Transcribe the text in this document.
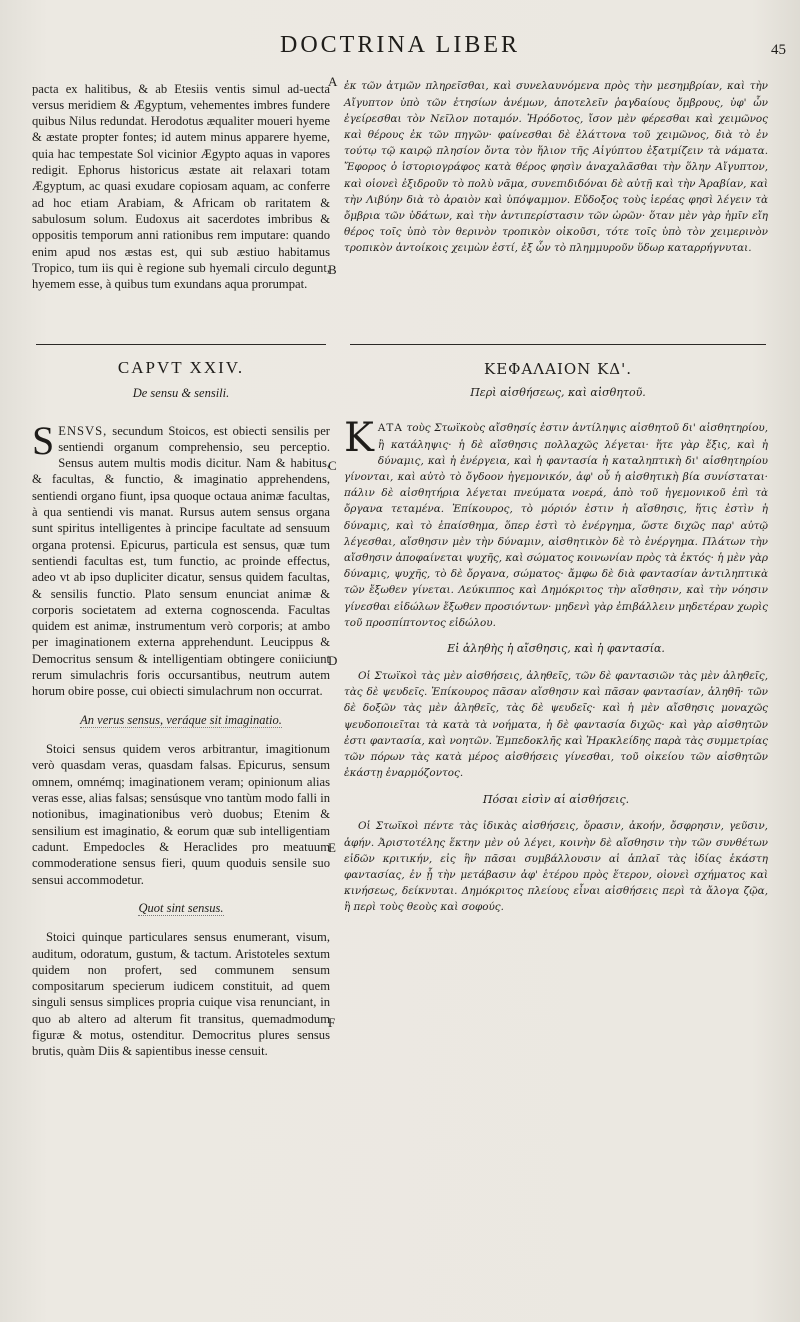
DOCTRINA LIBER	45
A
B
C
D
E
F

pacta ex halitibus, & ab Etesiis ventis simul ad-uecta versus meridiem & Ægyptum, vehementes imbres fundere quibus Nilus redundat. Herodotus æqualiter moueri hyeme & æstate propter fontes; id autem minus apparere hyeme, quia hac tempestate Sol vicinior Ægypto aquas in vapores redigit. Ephorus historicus æstate ait relaxari totam Ægyptum, ac quasi exudare copiosam aquam, ac conferre ad hoc etiam Arabiam, & Africam ob raritatem & sabulosum solum. Eudoxus ait sacerdotes imbribus & oppositis temporum anni rationibus rem imputare: quando enim apud nos æstas est, qui sub æstiuo habitamus Tropico, tum iis qui è regione sub hyemali circulo degunt, hyemem esse, à quibus tum exundans aqua prorumpat.

ἐκ τῶν ἀτμῶν πληρεῖσθαι, καὶ συνελαυνόμενα πρὸς τὴν μεσημβρίαν, καὶ τὴν Αἴγυπτον ὑπὸ τῶν ἐτησίων ἀνέμων, ἀποτελεῖν ῥαγδαίους ὄμβρους, ὑφ' ὧν ἐγείρεσθαι τὸν Νεῖλον ποταμόν. Ἡρόδοτος, ἴσον μὲν φέρεσθαι καὶ χειμῶνος καὶ θέρους ἐκ τῶν πηγῶν· φαίνεσθαι δὲ ἐλάττονα τοῦ χειμῶνος, διὰ τὸ ἐν τούτῳ τῷ καιρῷ πλησίον ὄντα τὸν ἥλιον τῆς Αἰγύπτου ἐξατμίζειν τὰ νάματα. Ἔφορος ὁ ἱστοριογράφος κατὰ θέρος φησὶν ἀναχαλᾶσθαι τὴν ὅλην Αἴγυπτον, καὶ οἱονεὶ ἐξιδροῦν τὸ πολὺ νᾶμα, συνεπιδιδόναι δὲ αὐτῇ καὶ τὴν Ἀραβίαν, καὶ τὴν Λιβύην διὰ τὸ ἀραιὸν καὶ ὑπόψαμμον. Εὔδοξος τοὺς ἱερέας φησὶ λέγειν τὰ ὄμβρια τῶν ὑδάτων, καὶ τὴν ἀντιπερίστασιν τῶν ὡρῶν· ὅταν μὲν γὰρ ἡμῖν εἴη θέρος τοῖς ὑπὸ τὸν θερινὸν τροπικὸν οἰκοῦσι, τότε τοῖς ὑπὸ τὸν χειμερινὸν τροπικὸν ἀντοίκοις χειμὼν ἐστί, ἐξ ὧν τὸ πλημμυροῦν ὕδωρ καταρρήγνυται.

CAPVT XXIV.	ΚΕΦΑΛΑΙΟΝ ΚΔ'.
De sensu & sensili.	Περὶ αἰσθήσεως, καὶ αἰσθητοῦ.

SENSVS, secundum Stoicos, est obiecti sensilis per sentiendi organum comprehensio, seu perceptio. Sensus autem multis modis dicitur. Nam & habitus, & facultas, & functio, & imaginatio apprehendens, sentiendi organo fiunt, ipsa quoque octaua animæ facultas, à qua sentiendi vis manat. Rursus autem sensus organa sunt spiritus intelligentes à principe facultate ad sensuum organa protensi. Epicurus, particula est sensus, quæ tum sentiendi facultas est, tum functio, ac proinde effectus, adeo vt ab ipso dupliciter dicatur, sensus quidem facultas, & sensilis functio. Plato sensum enunciat animæ & corporis societatem ad externa cognoscenda. Facultas quidem est animæ, instrumentum verò corporis; at ambo per imaginationem externa apprehendunt. Leucippus & Democritus sensum & intelligentiam obtingere coniiciunt rerum simulachris foris occursantibus, neutrum autem horum obire posse, cui obiecti simulachrum non occurrat.

An verus sensus, veráque sit imaginatio.

Stoici sensus quidem veros arbitrantur, imagitionum verò quasdam veras, quasdam falsas. Epicurus, sensum omnem, omnémq; imaginationem veram; opinionum alias veras esse, alias falsas; sensúsque vno tantùm modo falli in notionibus, imaginationibus verò duobus; Etenim & sensilium est imaginatio, & eorum quæ sub intelligentiam cadunt. Empedocles & Heraclides pro meatuum commoderatione sensus fieri, quum quoduis sensile suo sensui accommodetur.

Quot sint sensus.

Stoici quinque particulares sensus enumerant, visum, auditum, odoratum, gustum, & tactum. Aristoteles sextum quidem non profert, sed communem sensum compositarum specierum iudicem constituit, ad quem singuli sensus simplices propria cuique visa renunciant, in quo ab altero ad alterum fit transitus, quemadmodum figuræ & motus, ostenditur. Democritus plures sensus brutis, quàm Diis & sapientibus inesse censuit.

ΚΑΤΑ τοὺς Στωϊκοὺς αἴσθησίς ἐστιν ἀντίληψις αἰσθητοῦ δι' αἰσθητηρίου, ἢ κατάληψις· ἡ δὲ αἴσθησις πολλαχῶς λέγεται· ἥτε γὰρ ἕξις, καὶ ἡ δύναμις, καὶ ἡ ἐνέργεια, καὶ ἡ φαντασία ἡ καταληπτικὴ δι' αἰσθητηρίου γίνονται, καὶ αὐτὸ τὸ ὄγδοον ἡγεμονικόν, ἀφ' οὗ ἡ αἰσθητικὴ βία συνίσταται· πάλιν δὲ αἰσθητήρια λέγεται πνεύματα νοερά, ἀπὸ τοῦ ἡγεμονικοῦ ἐπὶ τὰ ὄργανα τεταμένα. Ἐπίκουρος, τὸ μόριόν ἐστιν ἡ αἴσθησις, ἥτις ἐστὶν ἡ δύναμις, καὶ τὸ ἐπαίσθημα, ὅπερ ἐστὶ τὸ ἐνέργημα, ὥστε διχῶς παρ' αὐτῷ λέγεσθαι, αἴσθησιν μὲν τὴν δύναμιν, αἰσθητικὸν δὲ τὸ ἐνέργημα. Πλάτων τὴν αἴσθησιν ἀποφαίνεται ψυχῆς, καὶ σώματος κοινωνίαν πρὸς τὰ ἐκτός· ἡ μὲν γὰρ δύναμις, ψυχῆς, τὸ δὲ ὄργανα, σώματος· ἄμφω δὲ διὰ φαντασίαν ἀντιληπτικὰ τῶν ἔξωθεν γίνεται. Λεύκιππος καὶ Δημόκριτος τὴν αἴσθησιν, καὶ τὴν νόησιν γίνεσθαι εἰδώλων ἔξωθεν προσιόντων· μηδενὶ γὰρ ἐπιβάλλειν μηδετέραν χωρὶς τοῦ προσπίπτοντος εἰδώλου.

Εἰ ἀληθὴς ἡ αἴσθησις, καὶ ἡ φαντασία.

Οἱ Στωϊκοὶ τὰς μὲν αἰσθήσεις, ἀληθεῖς, τῶν δὲ φαντασιῶν τὰς μὲν ἀληθεῖς, τὰς δὲ ψευδεῖς. Ἐπίκουρος πᾶσαν αἴσθησιν καὶ πᾶσαν φαντασίαν, ἀληθῆ· τῶν δὲ δοξῶν τὰς μὲν ἀληθεῖς, τὰς δὲ ψευδεῖς· καὶ ἡ μὲν αἴσθησις μοναχῶς ψευδοποιεῖται τὰ κατὰ τὰ νοήματα, ἡ δὲ φαντασία διχῶς· καὶ γὰρ αἰσθητῶν ἐστι φαντασία, καὶ νοητῶν. Ἐμπεδοκλῆς καὶ Ἡρακλείδης παρὰ τὰς συμμετρίας τῶν πόρων τὰς κατὰ μέρος αἰσθήσεις γίνεσθαι, τοῦ οἰκείου τῶν αἰσθητῶν ἑκάστῃ ἐναρμόζοντος.

Πόσαι εἰσὶν αἱ αἰσθήσεις.

Οἱ Στωϊκοὶ πέντε τὰς ἰδικὰς αἰσθήσεις, ὅρασιν, ἀκοήν, ὄσφρησιν, γεῦσιν, ἁφήν. Ἀριστοτέλης ἕκτην μὲν οὐ λέγει, κοινὴν δὲ αἴσθησιν τὴν τῶν συνθέτων εἰδῶν κριτικήν, εἰς ἣν πᾶσαι συμβάλλουσιν αἱ ἁπλαῖ τὰς ἰδίας ἑκάστη φαντασίας, ἐν ᾗ τὴν μετάβασιν ἀφ' ἑτέρου πρὸς ἕτερον, οἱονεὶ σχήματος καὶ κινήσεως, δείκνυται. Δημόκριτος πλείους εἶναι αἰσθήσεις περὶ τὰ ἄλογα ζῷα, ἢ περὶ τοὺς θεοὺς καὶ σοφούς.
